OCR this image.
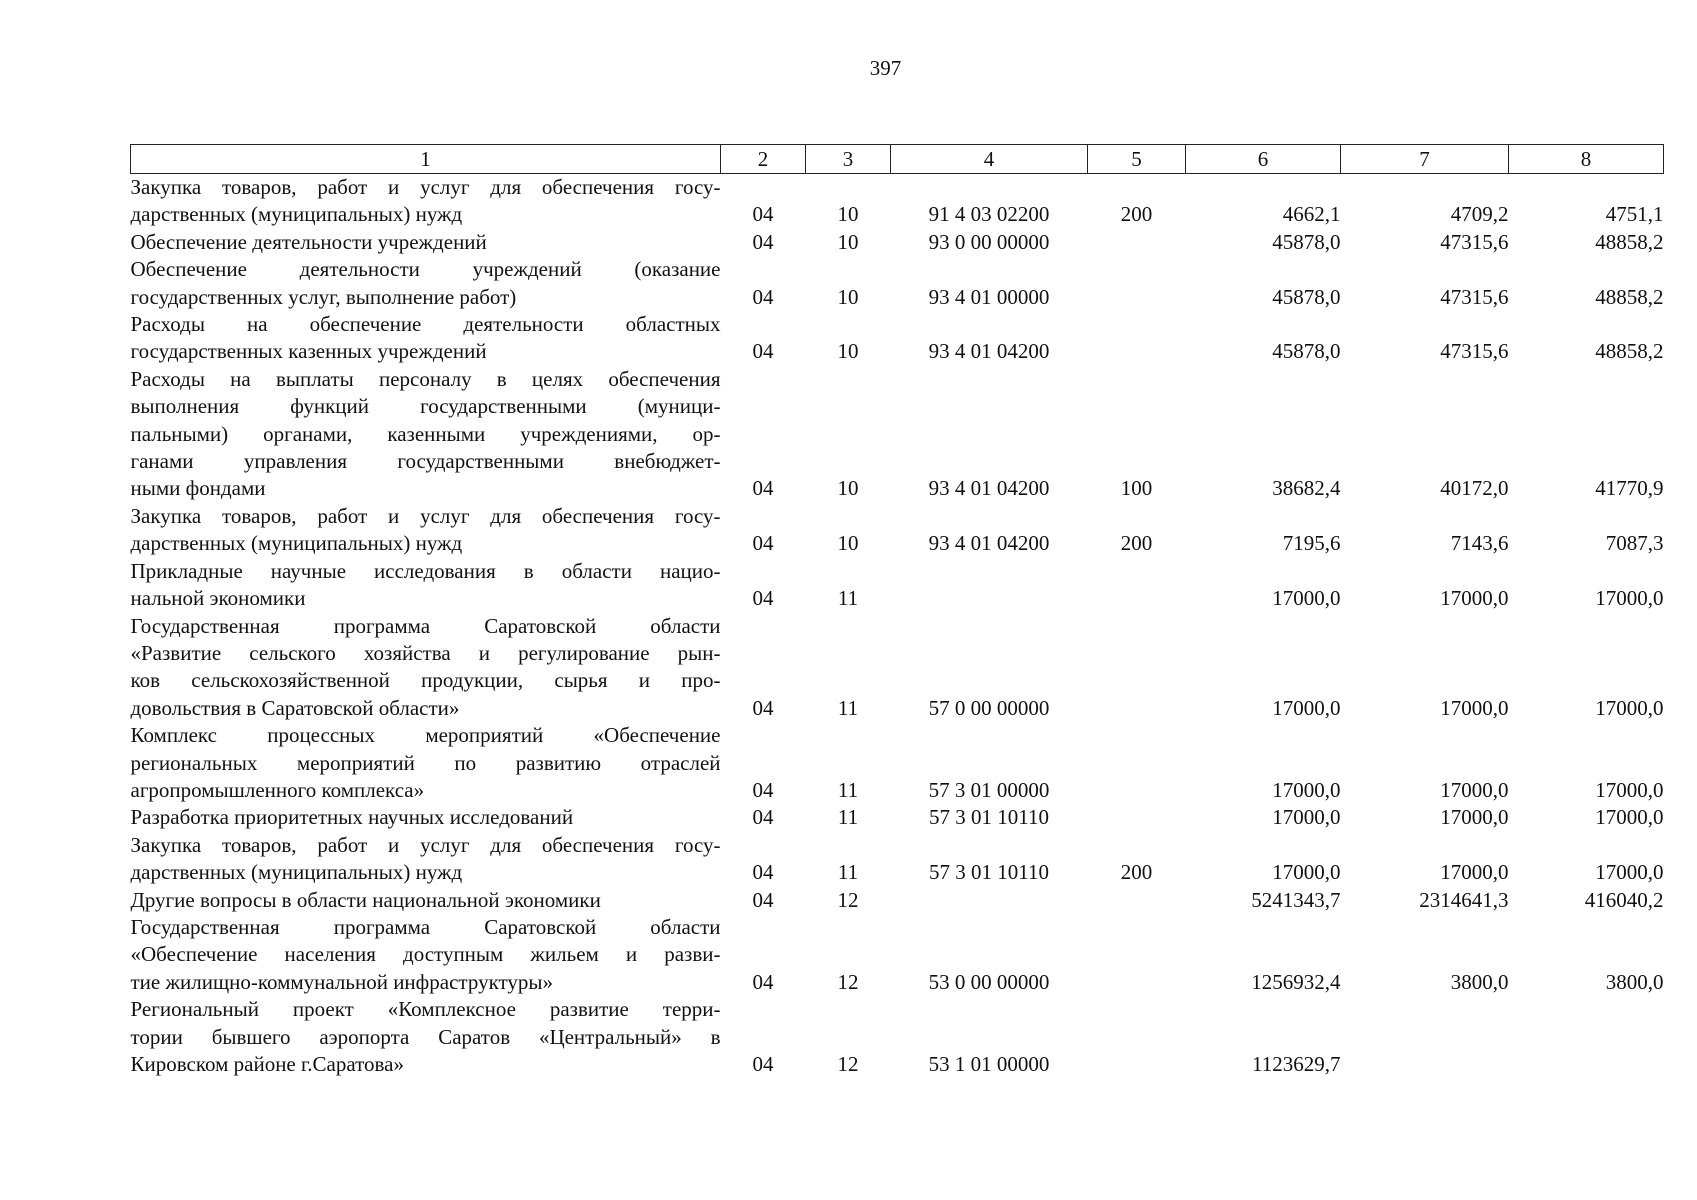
397
1	2	3	4	5	6	7	8

Закупка товаров, работ и услуг для обеспечения госу-
дарственных (муниципальных) нужд	04	10	91 4 03 02200	200	4662,1	4709,2	4751,1

Обеспечение деятельности учреждений	04	10	93 0 00 00000		45878,0	47315,6	48858,2

Обеспечение деятельности учреждений (оказание
государственных услуг, выполнение работ)	04	10	93 4 01 00000		45878,0	47315,6	48858,2

Расходы на обеспечение деятельности областных
государственных казенных учреждений	04	10	93 4 01 04200		45878,0	47315,6	48858,2

Расходы на выплаты персоналу в целях обеспечения
выполнения функций государственными (муници-
пальными) органами, казенными учреждениями, ор-
ганами управления государственными внебюджет-
ными фондами	04	10	93 4 01 04200	100	38682,4	40172,0	41770,9

Закупка товаров, работ и услуг для обеспечения госу-
дарственных (муниципальных) нужд	04	10	93 4 01 04200	200	7195,6	7143,6	7087,3

Прикладные научные исследования в области нацио-
нальной экономики	04	11			17000,0	17000,0	17000,0

Государственная программа Саратовской области
«Развитие сельского хозяйства и регулирование рын-
ков сельскохозяйственной продукции, сырья и про-
довольствия в Саратовской области»	04	11	57 0 00 00000		17000,0	17000,0	17000,0

Комплекс процессных мероприятий «Обеспечение
региональных мероприятий по развитию отраслей
агропромышленного комплекса»	04	11	57 3 01 00000		17000,0	17000,0	17000,0

Разработка приоритетных научных исследований	04	11	57 3 01 10110		17000,0	17000,0	17000,0

Закупка товаров, работ и услуг для обеспечения госу-
дарственных (муниципальных) нужд	04	11	57 3 01 10110	200	17000,0	17000,0	17000,0

Другие вопросы в области национальной экономики	04	12			5241343,7	2314641,3	416040,2

Государственная программа Саратовской области
«Обеспечение населения доступным жильем и разви-
тие жилищно-коммунальной инфраструктуры»	04	12	53 0 00 00000		1256932,4	3800,0	3800,0

Региональный проект «Комплексное развитие терри-
тории бывшего аэропорта Саратов «Центральный» в
Кировском районе г.Саратова»	04	12	53 1 01 00000		1123629,7		
